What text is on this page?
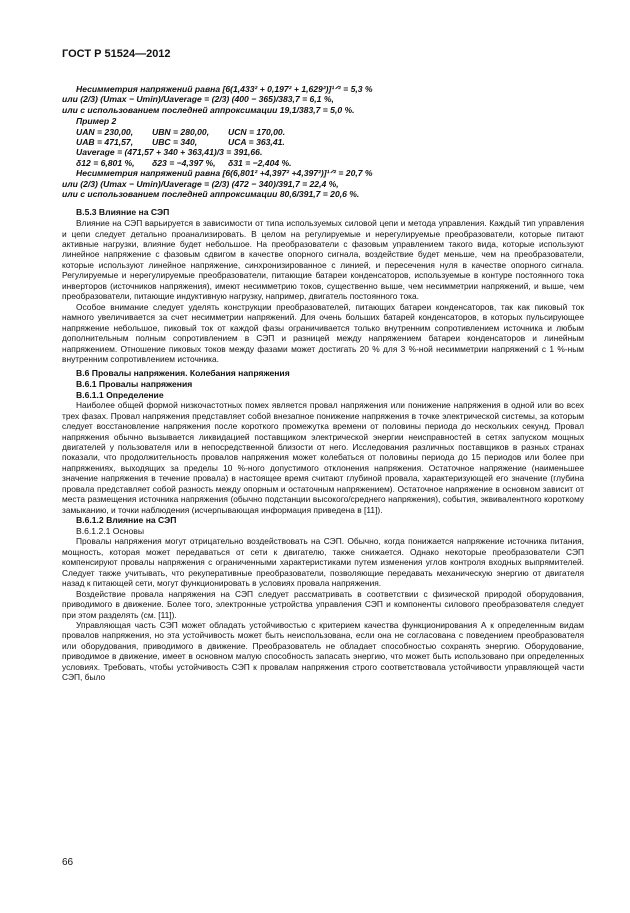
ГОСТ Р 51524—2012
Несимметрия напряжений равна [6(1,433² + 0,197² + 1,629²)]¹ᐟ² = 5,3 %
или (2/3) (Umax − Umin)/Uaverage = (2/3) (400 − 365)/383,7 = 6,1 %,
или с использованием последней аппроксимации 19,1/383,7 = 5,0 %.
Пример 2
UAN = 230,00,	UBN = 280,00,	UCN = 170,00.
UAB = 471,57,	UBC = 340,	UCA = 363,41.
Uaverage = (471,57 + 340 + 363,41)/3 = 391,66.
δ12 = 6,801 %,	δ23 = −4,397 %,	δ31 = −2,404 %.
Несимметрия напряжений равна [6(6,801² +4,397² +4,397²)]¹ᐟ² = 20,7 %
или (2/3) (Umax − Umin)/Uaverage = (2/3) (472 − 340)/391,7 = 22,4 %,
или с использованием последней аппроксимации 80,6/391,7 = 20,6 %.

В.5.3 Влияние на СЭП

Влияние на СЭП варьируется в зависимости от типа используемых силовой цепи и метода управления. Каждый тип управления и цепи следует детально проанализировать. В целом на регулируемые и нерегулируемые преобразователи, которые питают активные нагрузки, влияние будет небольшое. На преобразователи с фазовым управлением такого вида, которые используют линейное напряжение с фазовым сдвигом в качестве опорного сигнала, воздействие будет меньше, чем на преобразователи, которые используют линейное напряжение, синхронизированное с линией, и пересечения нуля в качестве опорного сигнала. Регулируемые и нерегулируемые преобразователи, питающие батареи конденсаторов, используемые в контуре постоянного тока инверторов (источников напряжения), имеют несимметрию токов, существенно выше, чем несимметрии напряжений, и выше, чем преобразователи, питающие индуктивную нагрузку, например, двигатель постоянного тока.

Особое внимание следует уделять конструкции преобразователей, питающих батареи конденсаторов, так как пиковый ток намного увеличивается за счет несимметрии напряжений. Для очень больших батарей конденсаторов, в которых пульсирующее напряжение небольшое, пиковый ток от каждой фазы ограничивается только внутренним сопротивлением источника и любым дополнительным полным сопротивлением в СЭП и разницей между напряжением батареи конденсаторов и линейным напряжением. Отношение пиковых токов между фазами может достигать 20 % для 3 %-ной несимметрии напряжений с 1 %-ным внутренним сопротивлением источника.

В.6 Провалы напряжения. Колебания напряжения

В.6.1 Провалы напряжения

В.6.1.1 Определение

Наиболее общей формой низкочастотных помех является провал напряжения или понижение напряжения в одной или во всех трех фазах. Провал напряжения представляет собой внезапное понижение напряжения в точке электрической системы, за которым следует восстановление напряжения после короткого промежутка времени от половины периода до нескольких секунд. Провал напряжения обычно вызывается ликвидацией поставщиком электрической энергии неисправностей в сетях запуском мощных двигателей у пользователя или в непосредственной близости от него. Исследования различных поставщиков в разных странах показали, что продолжительность провалов напряжения может колебаться от половины периода до 15 периодов или более при напряжениях, выходящих за пределы 10 %-ного допустимого отклонения напряжения. Остаточное напряжение (наименьшее значение напряжения в течение провала) в настоящее время считают глубиной провала, характеризующей его значение (глубина провала представляет собой разность между опорным и остаточным напряжением). Остаточное напряжение в основном зависит от места размещения источника напряжения (обычно подстанции высокого/среднего напряжения), события, эквивалентного короткому замыканию, и точки наблюдения (исчерпывающая информация приведена в [11]).

В.6.1.2 Влияние на СЭП

В.6.1.2.1 Основы

Провалы напряжения могут отрицательно воздействовать на СЭП. Обычно, когда понижается напряжение источника питания, мощность, которая может передаваться от сети к двигателю, также снижается. Однако некоторые преобразователи СЭП компенсируют провалы напряжения с ограниченными характеристиками путем изменения углов контроля входных выпрямителей. Следует также учитывать, что рекуперативные преобразователи, позволяющие передавать механическую энергию от двигателя назад к питающей сети, могут функционировать в условиях провала напряжения.

Воздействие провала напряжения на СЭП следует рассматривать в соответствии с физической природой оборудования, приводимого в движение. Более того, электронные устройства управления СЭП и компоненты силового преобразователя следует при этом разделять (см. [11]).

Управляющая часть СЭП может обладать устойчивостью с критерием качества функционирования А к определенным видам провалов напряжения, но эта устойчивость может быть неиспользована, если она не согласована с поведением преобразователя или оборудования, приводимого в движение. Преобразователь не обладает способностью сохранять энергию. Оборудование, приводимое в движение, имеет в основном малую способность запасать энергию, что может быть использовано при определенных условиях. Требовать, чтобы устойчивость СЭП к провалам напряжения строго соответствовала устойчивости управляющей части СЭП, было

66
